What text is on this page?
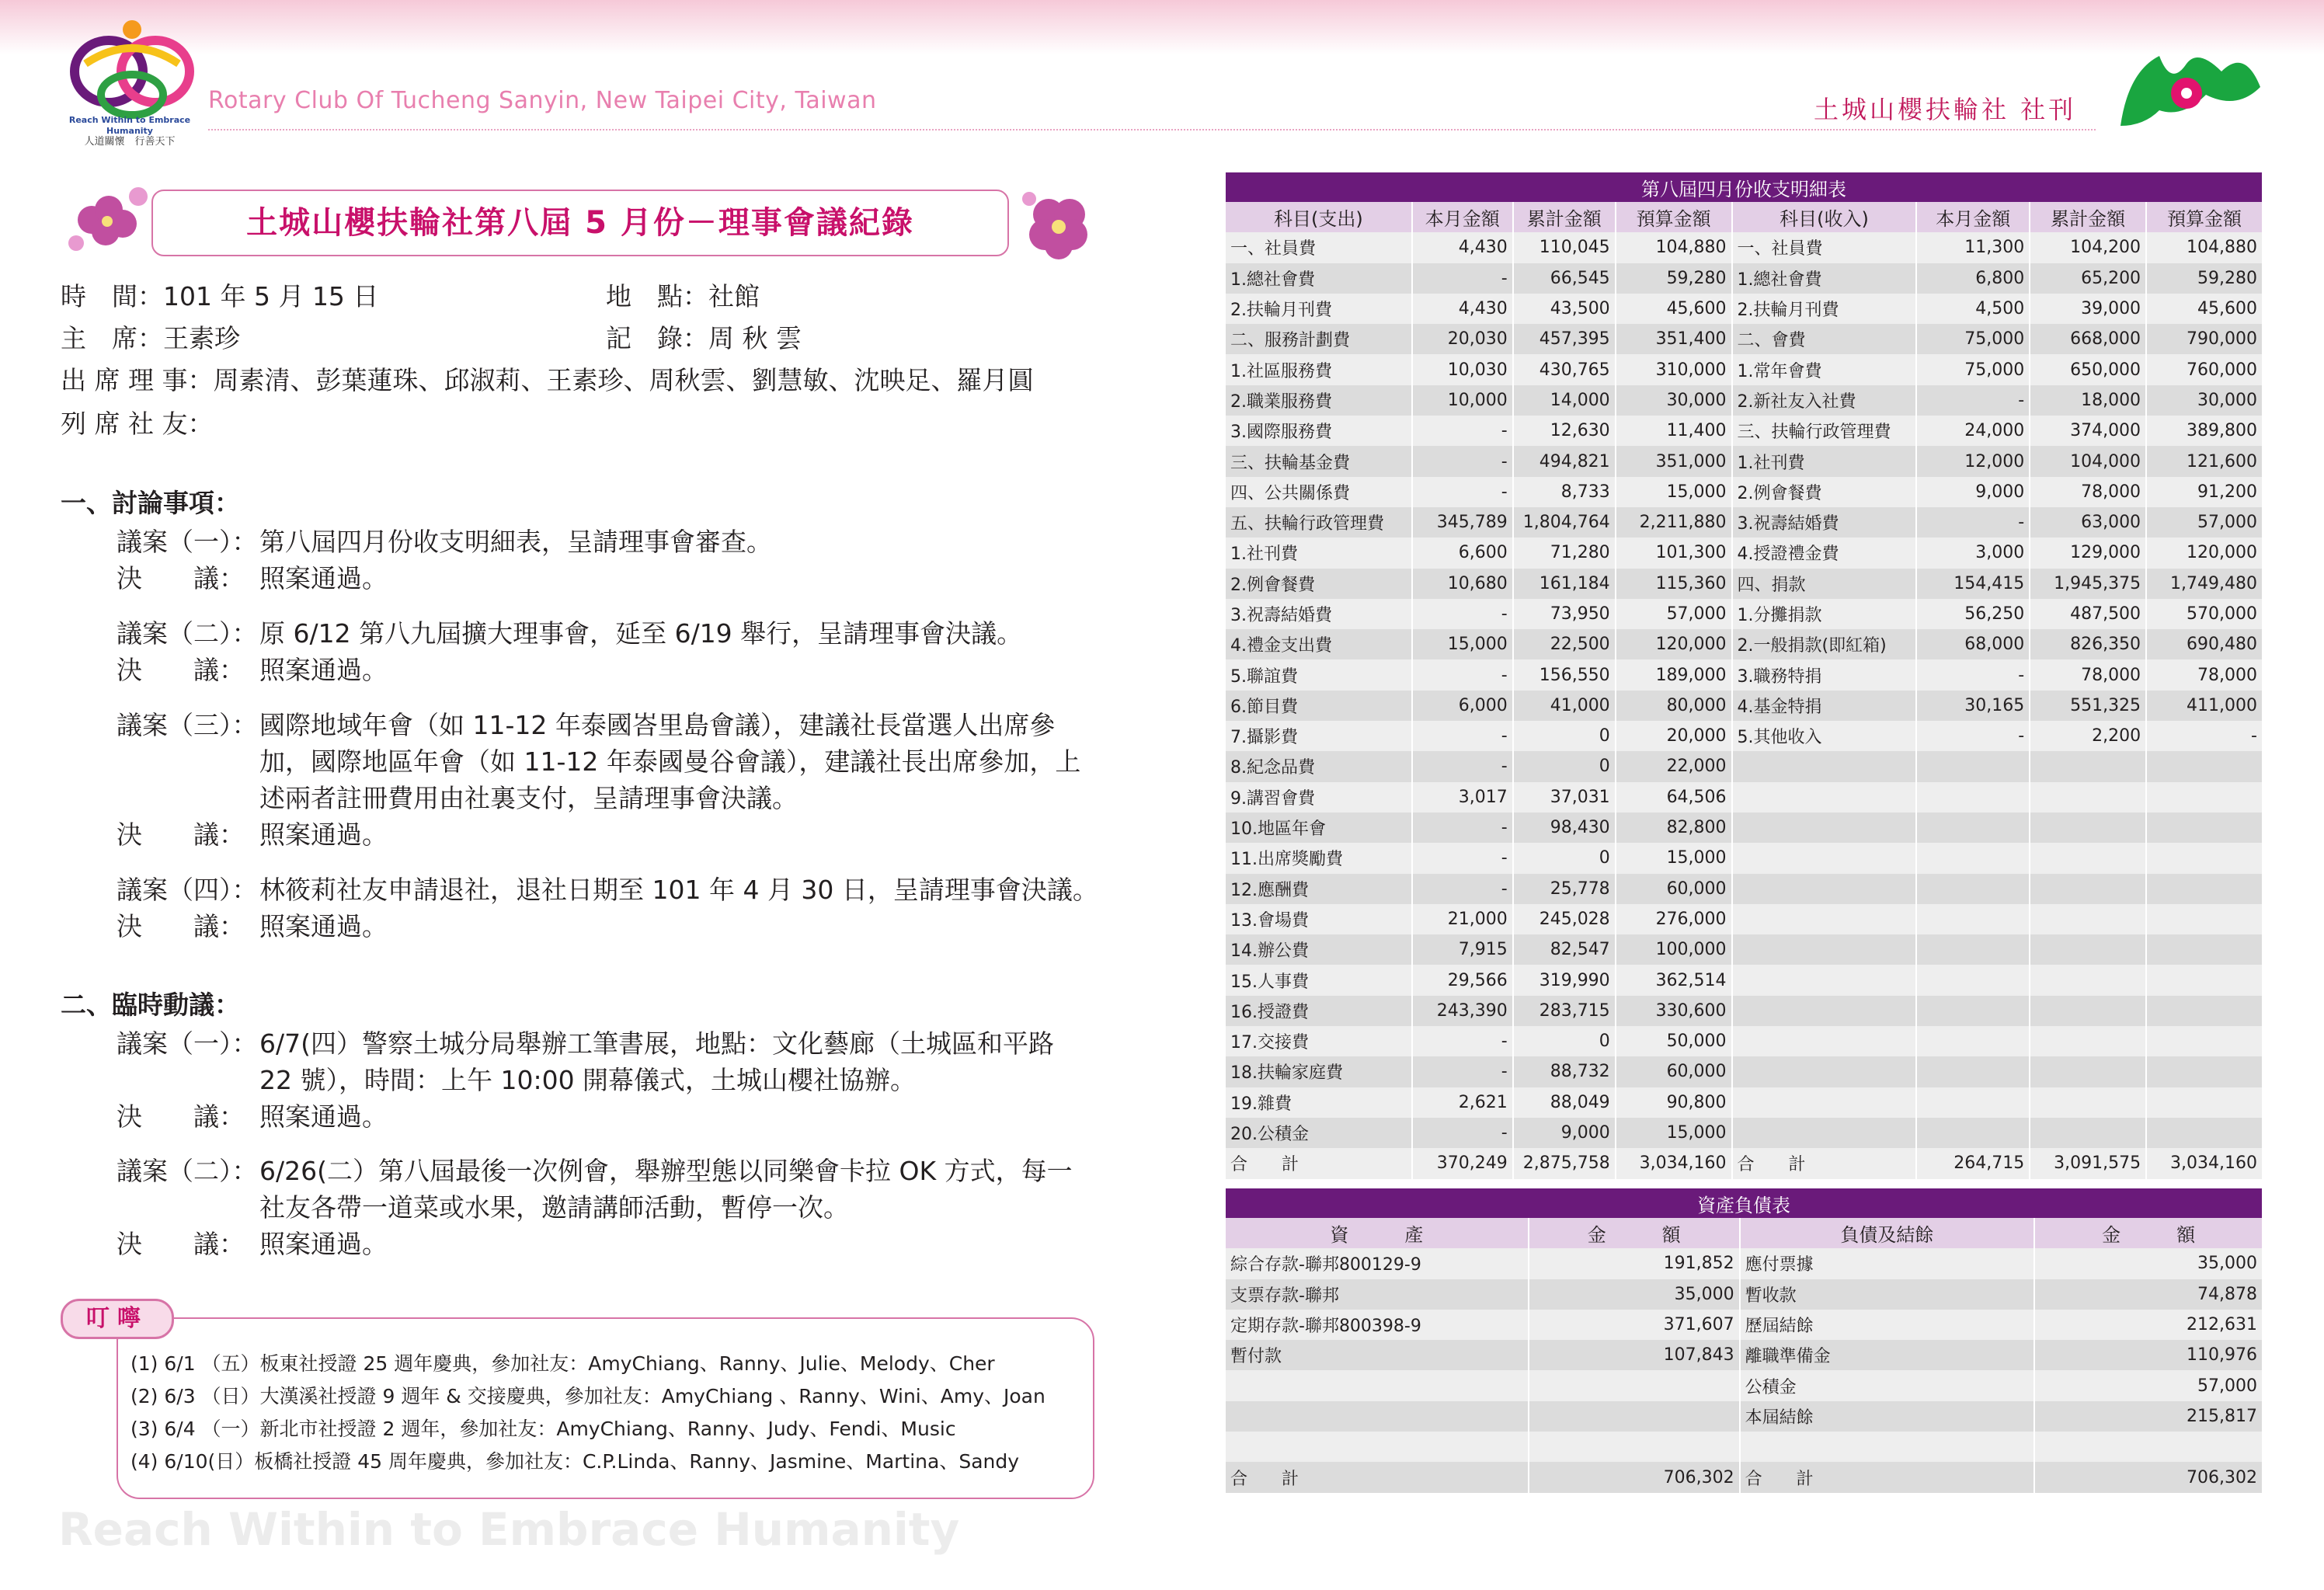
Reach Within to Embrace Humanity
人道關懷　行善天下
Rotary Club Of Tucheng Sanyin, New Taipei City, Taiwan	土城山櫻扶輪社 社刊
土城山櫻扶輪社第八屆 5 月份－理事會議紀錄
時　間：101 年 5 月 15 日	地　點：社館
主　席：王素珍	記　錄：周 秋 雲
出 席 理 事：周素清、彭葉蓮珠、邱淑莉、王素珍、周秋雲、劉慧敏、沈映足、羅月圓
列 席 社 友：
一、討論事項：
議案（一）： 第八屆四月份收支明細表，呈請理事會審查。
決　　議： 照案通過。
議案（二）： 原 6/12 第八九屆擴大理事會，延至 6/19 舉行，呈請理事會決議。
決　　議： 照案通過。
議案（三）： 國際地域年會（如 11-12 年泰國峇里島會議），建議社長當選人出席參
加，國際地區年會（如 11-12 年泰國曼谷會議），建議社長出席參加，上
述兩者註冊費用由社裏支付，呈請理事會決議。
決　　議： 照案通過。
議案（四）： 林筱莉社友申請退社，退社日期至 101 年 4 月 30 日，呈請理事會決議。
決　　議： 照案通過。
二、臨時動議：
議案（一）： 6/7(四）警察土城分局舉辦工筆書展，地點：文化藝廊（土城區和平路
22 號），時間：上午 10:00 開幕儀式，土城山櫻社協辦。
決　　議： 照案通過。
議案（二）： 6/26(二）第八屆最後一次例會，舉辦型態以同樂會卡拉 OK 方式，每一
社友各帶一道菜或水果，邀請講師活動，暫停一次。
決　　議： 照案通過。
叮嚀
(1) 6/1 （五）板東社授證 25 週年慶典，參加社友：AmyChiang、Ranny、Julie、Melody、Cher
(2) 6/3 （日）大漢溪社授證 9 週年 & 交接慶典，參加社友：AmyChiang 、Ranny、Wini、Amy、Joan
(3) 6/4 （一）新北市社授證 2 週年，參加社友：AmyChiang、Ranny、Judy、Fendi、Music
(4) 6/10(日）板橋社授證 45 周年慶典，參加社友：C.P.Linda、Ranny、Jasmine、Martina、Sandy
Reach Within to Embrace Humanity
第八屆四月份收支明細表							
科目(支出)	本月金額	累計金額	預算金額	科目(收入)	本月金額	累計金額	預算金額
一、社員費	4,430	110,045	104,880	一、社員費	11,300	104,200	104,880
1.總社會費	-	66,545	59,280	1.總社會費	6,800	65,200	59,280
2.扶輪月刊費	4,430	43,500	45,600	2.扶輪月刊費	4,500	39,000	45,600
二、服務計劃費	20,030	457,395	351,400	二、會費	75,000	668,000	790,000
1.社區服務費	10,030	430,765	310,000	1.常年會費	75,000	650,000	760,000
2.職業服務費	10,000	14,000	30,000	2.新社友入社費	-	18,000	30,000
3.國際服務費	-	12,630	11,400	三、扶輪行政管理費	24,000	374,000	389,800
三、扶輪基金費	-	494,821	351,000	1.社刊費	12,000	104,000	121,600
四、公共關係費	-	8,733	15,000	2.例會餐費	9,000	78,000	91,200
五、扶輪行政管理費	345,789	1,804,764	2,211,880	3.祝壽結婚費	-	63,000	57,000
1.社刊費	6,600	71,280	101,300	4.授證禮金費	3,000	129,000	120,000
2.例會餐費	10,680	161,184	115,360	四、捐款	154,415	1,945,375	1,749,480
3.祝壽結婚費	-	73,950	57,000	1.分攤捐款	56,250	487,500	570,000
4.禮金支出費	15,000	22,500	120,000	2.一般捐款(即紅箱)	68,000	826,350	690,480
5.聯誼費	-	156,550	189,000	3.職務特捐	-	78,000	78,000
6.節目費	6,000	41,000	80,000	4.基金特捐	30,165	551,325	411,000
7.攝影費	-	0	20,000	5.其他收入	-	2,200	-
8.紀念品費	-	0	22,000				
9.講習會費	3,017	37,031	64,506				
10.地區年會	-	98,430	82,800				
11.出席獎勵費	-	0	15,000				
12.應酬費	-	25,778	60,000				
13.會場費	21,000	245,028	276,000				
14.辦公費	7,915	82,547	100,000				
15.人事費	29,566	319,990	362,514				
16.授證費	243,390	283,715	330,600				
17.交接費	-	0	50,000				
18.扶輪家庭費	-	88,732	60,000				
19.雜費	2,621	88,049	90,800				
20.公積金	-	9,000	15,000				
合　　計	370,249	2,875,758	3,034,160	合　　計	264,715	3,091,575	3,034,160
資產負債表			
資　　　產	金　　　額	負債及結餘	金　　　額
綜合存款-聯邦800129-9	191,852	應付票據	35,000
支票存款-聯邦	35,000	暫收款	74,878
定期存款-聯邦800398-9	371,607	歷屆結餘	212,631
暫付款	107,843	離職準備金	110,976
		公積金	57,000
		本屆結餘	215,817

合　　計	706,302	合　　計	706,302
